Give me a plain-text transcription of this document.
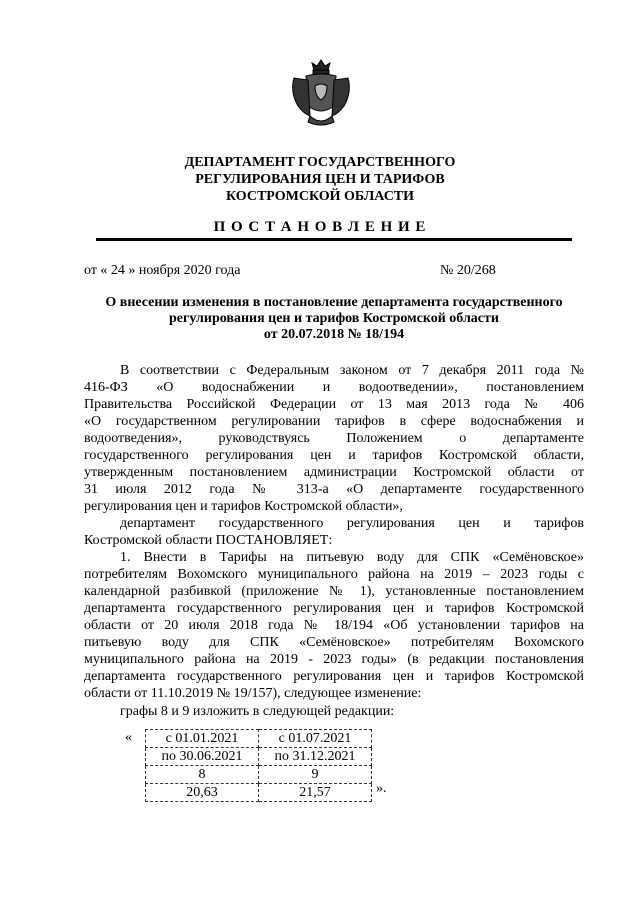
ДЕПАРТАМЕНТ ГОСУДАРСТВЕННОГО
РЕГУЛИРОВАНИЯ ЦЕН И ТАРИФОВ
КОСТРОМСКОЙ ОБЛАСТИ
П О С Т А Н О В Л Е Н И Е
от « 24 » ноября 2020 года	№ 20/268
О внесении изменения в постановление департамента государственного
регулирования цен и тарифов Костромской области
от 20.07.2018 № 18/194
В соответствии с Федеральным законом от 7 декабря 2011 года №
416-ФЗ «О водоснабжении и водоотведении», постановлением
Правительства Российской Федерации от 13 мая 2013 года № 406
«О государственном регулировании тарифов в сфере водоснабжения и
водоотведения», руководствуясь Положением о департаменте
государственного регулирования цен и тарифов Костромской области,
утвержденным постановлением администрации Костромской области от
31 июля 2012 года № 313-а «О департаменте государственного
регулирования цен и тарифов Костромской области»,
департамент государственного регулирования цен и тарифов
Костромской области ПОСТАНОВЛЯЕТ:
1. Внести в Тарифы на питьевую воду для СПК «Семёновское»
потребителям Вохомского муниципального района на 2019 – 2023 годы с
календарной разбивкой (приложение № 1), установленные постановлением
департамента государственного регулирования цен и тарифов Костромской
области от 20 июля 2018 года № 18/194 «Об установлении тарифов на
питьевую воду для СПК «Семёновское» потребителям Вохомского
муниципального района на 2019 - 2023 годы» (в редакции постановления
департамента государственного регулирования цен и тарифов Костромской
области от 11.10.2019 № 19/157), следующее изменение:
графы 8 и 9 изложить в следующей редакции:
« с 01.01.2021	с 01.07.2021
по 30.06.2021	по 31.12.2021
8	9
20,63	21,57	».
